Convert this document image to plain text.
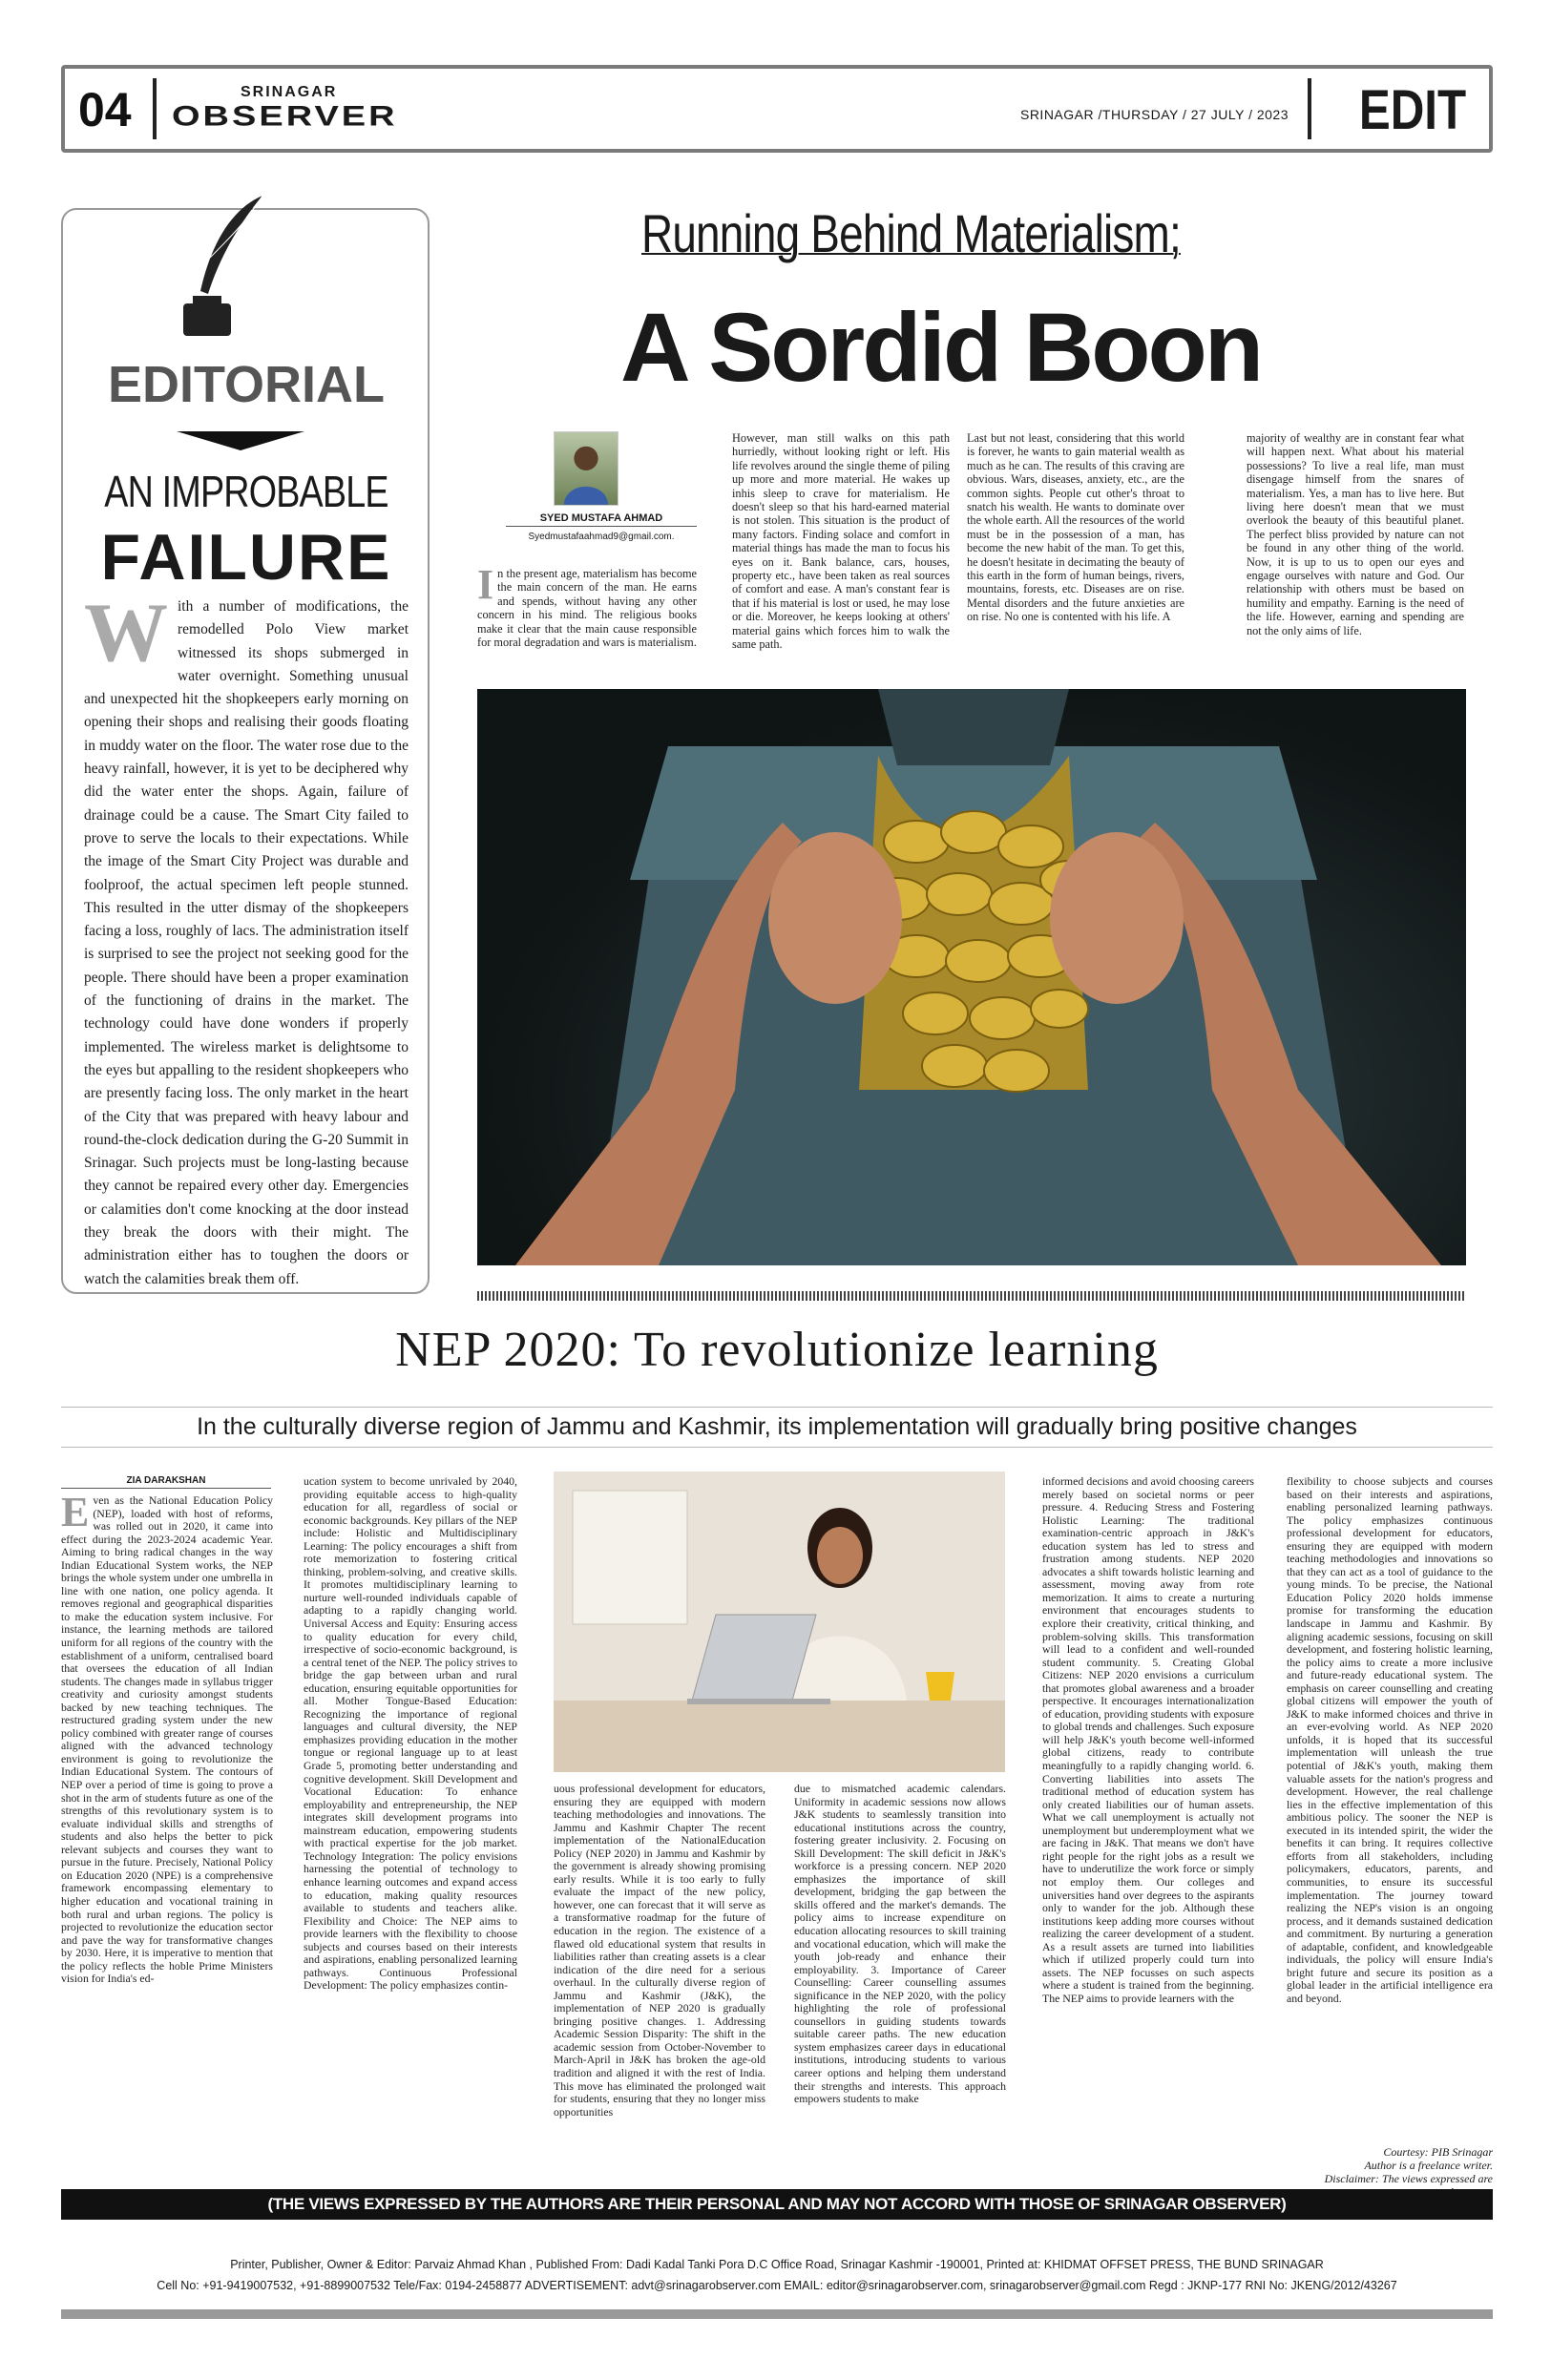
04	SRINAGAR
OBSERVER	SRINAGAR /THURSDAY / 27 JULY / 2023 EDIT
EDITORIAL
AN IMPROBABLE
FAILURE
With a number of modifications, the remodelled Polo View market witnessed its shops submerged in water overnight. Something unusual and unexpected hit the shopkeepers early morning on opening their shops and realising their goods floating in muddy water on the floor. The water rose due to the heavy rainfall, however, it is yet to be deciphered why did the water enter the shops. Again, failure of drainage could be a cause. The Smart City failed to prove to serve the locals to their expectations. While the image of the Smart City Project was durable and foolproof, the actual specimen left people stunned. This resulted in the utter dismay of the shopkeepers facing a loss, roughly of lacs. The administration itself is surprised to see the project not seeking good for the people. There should have been a proper examination of the functioning of drains in the market. The technology could have done wonders if properly implemented. The wireless market is delightsome to the eyes but appalling to the resident shopkeepers who are presently facing loss. The only market in the heart of the City that was prepared with heavy labour and round-the-clock dedication during the G-20 Summit in Srinagar. Such projects must be long-lasting because they cannot be repaired every other day. Emergencies or calamities don't come knocking at the door instead they break the doors with their might. The administration either has to toughen the doors or watch the calamities break them off.
Running Behind Materialism;
A Sordid Boon
SYED MUSTAFA AHMAD
Syedmustafaahmad9@gmail.com.
In the present age, materialism has become the main concern of the man. He earns and spends, without having any other concern in his mind. The religious books make it clear that the main cause responsible for moral degradation and wars is materialism.
However, man still walks on this path hurriedly, without looking right or left. His life revolves around the single theme of piling up more and more material. He wakes up inhis sleep to crave for materialism. He doesn't sleep so that his hard-earned material is not stolen. This situation is the product of many factors. Finding solace and comfort in material things has made the man to focus his eyes on it. Bank balance, cars, houses, property etc., have been taken as real sources of comfort and ease. A man's constant fear is that if his material is lost or used, he may lose or die. Moreover, he keeps looking at others' material gains which forces him to walk the same path.
Last but not least, considering that this world is forever, he wants to gain material wealth as much as he can. The results of this craving are obvious. Wars, diseases, anxiety, etc., are the common sights. People cut other's throat to snatch his wealth. He wants to dominate over the whole earth. All the resources of the world must be in the possession of a man, has become the new habit of the man. To get this, he doesn't hesitate in decimating the beauty of this earth in the form of human beings, rivers, mountains, forests, etc. Diseases are on rise. Mental disorders and the future anxieties are on rise. No one is contented with his life. A
majority of wealthy are in constant fear what will happen next. What about his material possessions? To live a real life, man must disengage himself from the snares of materialism. Yes, a man has to live here. But living here doesn't mean that we must overlook the beauty of this beautiful planet. The perfect bliss provided by nature can not be found in any other thing of the world. Now, it is up to us to open our eyes and engage ourselves with nature and God. Our relationship with others must be based on humility and empathy. Earning is the need of the life. However, earning and spending are not the only aims of life.
NEP 2020: To revolutionize learning
In the culturally diverse region of Jammu and Kashmir, its implementation will gradually bring positive changes
ZIA DARAKSHAN
Even as the National Education Policy (NEP), loaded with host of reforms, was rolled out in 2020, it came into effect during the 2023-2024 academic Year. Aiming to bring radical changes in the way Indian Educational System works, the NEP brings the whole system under one umbrella in line with one nation, one policy agenda. It removes regional and geographical disparities to make the education system inclusive. For instance, the learning methods are tailored uniform for all regions of the country with the establishment of a uniform, centralised board that oversees the education of all Indian students. The changes made in syllabus trigger creativity and curiosity amongst students backed by new teaching techniques. The restructured grading system under the new policy combined with greater range of courses aligned with the advanced technology environment is going to revolutionize the Indian Educational System. The contours of NEP over a period of time is going to prove a shot in the arm of students future as one of the strengths of this revolutionary system is to evaluate individual skills and strengths of students and also helps the better to pick relevant subjects and courses they want to pursue in the future. Precisely, National Policy on Education 2020 (NPE) is a comprehensive framework encompassing elementary to higher education and vocational training in both rural and urban regions. The policy is projected to revolutionize the education sector and pave the way for transformative changes by 2030. Here, it is imperative to mention that the policy reflects the hoble Prime Ministers vision for India's ed-
ucation system to become unrivaled by 2040, providing equitable access to high-quality education for all, regardless of social or economic backgrounds. Key pillars of the NEP include: Holistic and Multidisciplinary Learning: The policy encourages a shift from rote memorization to fostering critical thinking, problem-solving, and creative skills. It promotes multidisciplinary learning to nurture well-rounded individuals capable of adapting to a rapidly changing world. Universal Access and Equity: Ensuring access to quality education for every child, irrespective of socio-economic background, is a central tenet of the NEP. The policy strives to bridge the gap between urban and rural education, ensuring equitable opportunities for all. Mother Tongue-Based Education: Recognizing the importance of regional languages and cultural diversity, the NEP emphasizes providing education in the mother tongue or regional language up to at least Grade 5, promoting better understanding and cognitive development. Skill Development and Vocational Education: To enhance employability and entrepreneurship, the NEP integrates skill development programs into mainstream education, empowering students with practical expertise for the job market. Technology Integration: The policy envisions harnessing the potential of technology to enhance learning outcomes and expand access to education, making quality resources available to students and teachers alike. Flexibility and Choice: The NEP aims to provide learners with the flexibility to choose subjects and courses based on their interests and aspirations, enabling personalized learning pathways. Continuous Professional Development: The policy emphasizes contin-
uous professional development for educators, ensuring they are equipped with modern teaching methodologies and innovations. The Jammu and Kashmir Chapter The recent implementation of the NationalEducation Policy (NEP 2020) in Jammu and Kashmir by the government is already showing promising early results. While it is too early to fully evaluate the impact of the new policy, however, one can forecast that it will serve as a transformative roadmap for the future of education in the region. The existence of a flawed old educational system that results in liabilities rather than creating assets is a clear indication of the dire need for a serious overhaul. In the culturally diverse region of Jammu and Kashmir (J&K), the implementation of NEP 2020 is gradually bringing positive changes. 1. Addressing Academic Session Disparity: The shift in the academic session from October-November to March-April in J&K has broken the age-old tradition and aligned it with the rest of India. This move has eliminated the prolonged wait for students, ensuring that they no longer miss opportunities
due to mismatched academic calendars. Uniformity in academic sessions now allows J&K students to seamlessly transition into educational institutions across the country, fostering greater inclusivity. 2. Focusing on Skill Development: The skill deficit in J&K's workforce is a pressing concern. NEP 2020 emphasizes the importance of skill development, bridging the gap between the skills offered and the market's demands. The policy aims to increase expenditure on education allocating resources to skill training and vocational education, which will make the youth job-ready and enhance their employability. 3. Importance of Career Counselling: Career counselling assumes significance in the NEP 2020, with the policy highlighting the role of professional counsellors in guiding students towards suitable career paths. The new education system emphasizes career days in educational institutions, introducing students to various career options and helping them understand their strengths and interests. This approach empowers students to make
informed decisions and avoid choosing careers merely based on societal norms or peer pressure. 4. Reducing Stress and Fostering Holistic Learning: The traditional examination-centric approach in J&K's education system has led to stress and frustration among students. NEP 2020 advocates a shift towards holistic learning and assessment, moving away from rote memorization. It aims to create a nurturing environment that encourages students to explore their creativity, critical thinking, and problem-solving skills. This transformation will lead to a confident and well-rounded student community. 5. Creating Global Citizens: NEP 2020 envisions a curriculum that promotes global awareness and a broader perspective. It encourages internationalization of education, providing students with exposure to global trends and challenges. Such exposure will help J&K's youth become well-informed global citizens, ready to contribute meaningfully to a rapidly changing world. 6. Converting liabilities into assets The traditional method of education system has only created liabilities our of human assets. What we call unemployment is actually not unemployment but underemployment what we are facing in J&K. That means we don't have right people for the right jobs as a result we have to underutilize the work force or simply not employ them. Our colleges and universities hand over degrees to the aspirants only to wander for the job. Although these institutions keep adding more courses without realizing the career development of a student. As a result assets are turned into liabilities which if utilized properly could turn into assets. The NEP focusses on such aspects where a student is trained from the beginning. The NEP aims to provide learners with the
flexibility to choose subjects and courses based on their interests and aspirations, enabling personalized learning pathways. The policy emphasizes continuous professional development for educators, ensuring they are equipped with modern teaching methodologies and innovations so that they can act as a tool of guidance to the young minds. To be precise, the National Education Policy 2020 holds immense promise for transforming the education landscape in Jammu and Kashmir. By aligning academic sessions, focusing on skill development, and fostering holistic learning, the policy aims to create a more inclusive and future-ready educational system. The emphasis on career counselling and creating global citizens will empower the youth of J&K to make informed choices and thrive in an ever-evolving world. As NEP 2020 unfolds, it is hoped that its successful implementation will unleash the true potential of J&K's youth, making them valuable assets for the nation's progress and development. However, the real challenge lies in the effective implementation of this ambitious policy. The sooner the NEP is executed in its intended spirit, the wider the benefits it can bring. It requires collective efforts from all stakeholders, including policymakers, educators, parents, and communities, to ensure its successful implementation. The journey toward realizing the NEP's vision is an ongoing process, and it demands sustained dedication and commitment. By nurturing a generation of adaptable, confident, and knowledgeable individuals, the policy will ensure India's bright future and secure its position as a global leader in the artificial intelligence era and beyond.
Courtesy: PIB Srinagar
Author is a freelance writer.
Disclaimer: The views expressed are
(THE VIEWS EXPRESSED BY THE AUTHORS ARE THEIR PERSONAL AND MAY NOT ACCORD WITH THOSE OF SRINAGAR OBSERVER)
Printer, Publisher, Owner & Editor: Parvaiz Ahmad Khan , Published From: Dadi Kadal Tanki Pora D.C Office Road, Srinagar Kashmir -190001, Printed at: KHIDMAT OFFSET PRESS, THE BUND SRINAGAR
Cell No: +91-9419007532, +91-8899007532 Tele/Fax: 0194-2458877 ADVERTISEMENT: advt@srinagarobserver.com EMAIL: editor@srinagarobserver.com, srinagarobserver@gmail.com Regd : JKNP-177 RNI No: JKENG/2012/43267
